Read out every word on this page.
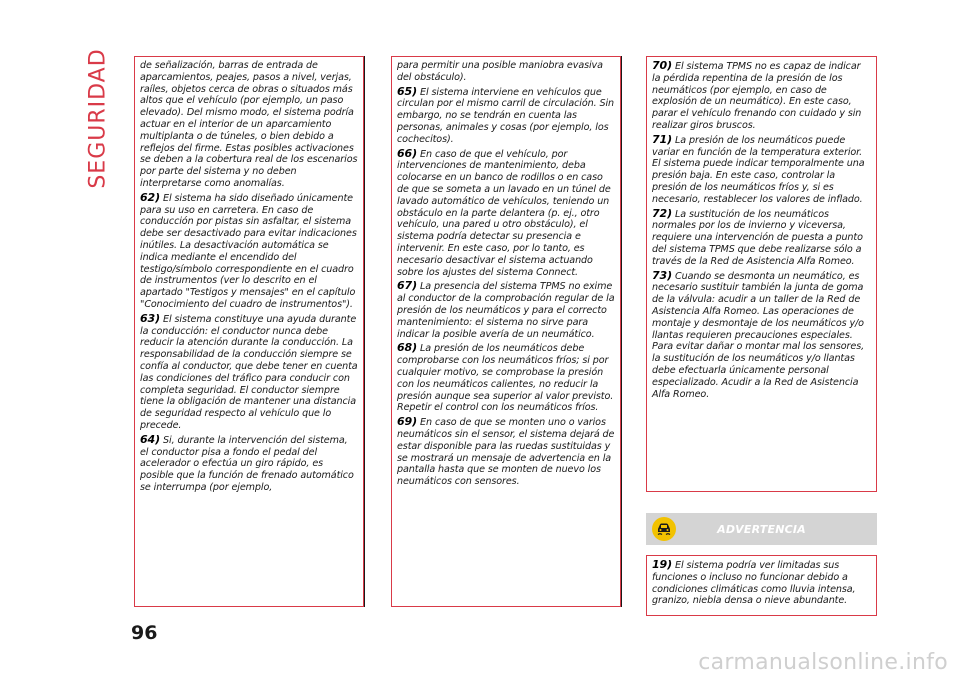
SEGURIDAD	de señalización, barras de entrada de aparcamientos, peajes, pasos a nivel, verjas, raíles, objetos cerca de obras o situados más altos que el vehículo (por ejemplo, un paso elevado). Del mismo modo, el sistema podría actuar en el interior de un aparcamiento multiplanta o de túneles, o bien debido a reflejos del firme. Estas posibles activaciones se deben a la cobertura real de los escenarios por parte del sistema y no deben interpretarse como anomalías.

62) El sistema ha sido diseñado únicamente para su uso en carretera. En caso de conducción por pistas sin asfaltar, el sistema debe ser desactivado para evitar indicaciones inútiles. La desactivación automática se indica mediante el encendido del testigo/símbolo correspondiente en el cuadro de instrumentos (ver lo descrito en el apartado "Testigos y mensajes" en el capítulo "Conocimiento del cuadro de instrumentos").

63) El sistema constituye una ayuda durante la conducción: el conductor nunca debe reducir la atención durante la conducción. La responsabilidad de la conducción siempre se confía al conductor, que debe tener en cuenta las condiciones del tráfico para conducir con completa seguridad. El conductor siempre tiene la obligación de mantener una distancia de seguridad respecto al vehículo que lo precede.

64) Si, durante la intervención del sistema, el conductor pisa a fondo el pedal del acelerador o efectúa un giro rápido, es posible que la función de frenado automático se interrumpa (por ejemplo,

para permitir una posible maniobra evasiva del obstáculo).

65) El sistema interviene en vehículos que circulan por el mismo carril de circulación. Sin embargo, no se tendrán en cuenta las personas, animales y cosas (por ejemplo, los cochecitos).

66) En caso de que el vehículo, por intervenciones de mantenimiento, deba colocarse en un banco de rodillos o en caso de que se someta a un lavado en un túnel de lavado automático de vehículos, teniendo un obstáculo en la parte delantera (p. ej., otro vehículo, una pared u otro obstáculo), el sistema podría detectar su presencia e intervenir. En este caso, por lo tanto, es necesario desactivar el sistema actuando sobre los ajustes del sistema Connect.

67) La presencia del sistema TPMS no exime al conductor de la comprobación regular de la presión de los neumáticos y para el correcto mantenimiento: el sistema no sirve para indicar la posible avería de un neumático.

68) La presión de los neumáticos debe comprobarse con los neumáticos fríos; si por cualquier motivo, se comprobase la presión con los neumáticos calientes, no reducir la presión aunque sea superior al valor previsto. Repetir el control con los neumáticos fríos.

69) En caso de que se monten uno o varios neumáticos sin el sensor, el sistema dejará de estar disponible para las ruedas sustituidas y se mostrará un mensaje de advertencia en la pantalla hasta que se monten de nuevo los neumáticos con sensores.

70) El sistema TPMS no es capaz de indicar la pérdida repentina de la presión de los neumáticos (por ejemplo, en caso de explosión de un neumático). En este caso, parar el vehículo frenando con cuidado y sin realizar giros bruscos.

71) La presión de los neumáticos puede variar en función de la temperatura exterior. El sistema puede indicar temporalmente una presión baja. En este caso, controlar la presión de los neumáticos fríos y, si es necesario, restablecer los valores de inflado.

72) La sustitución de los neumáticos normales por los de invierno y viceversa, requiere una intervención de puesta a punto del sistema TPMS que debe realizarse sólo a través de la Red de Asistencia Alfa Romeo.

73) Cuando se desmonta un neumático, es necesario sustituir también la junta de goma de la válvula: acudir a un taller de la Red de Asistencia Alfa Romeo. Las operaciones de montaje y desmontaje de los neumáticos y/o llantas requieren precauciones especiales. Para evitar dañar o montar mal los sensores, la sustitución de los neumáticos y/o llantas debe efectuarla únicamente personal especializado. Acudir a la Red de Asistencia Alfa Romeo.

ADVERTENCIA

19) El sistema podría ver limitadas sus funciones o incluso no funcionar debido a condiciones climáticas como lluvia intensa, granizo, niebla densa o nieve abundante.

96
carmanualsonline.info
